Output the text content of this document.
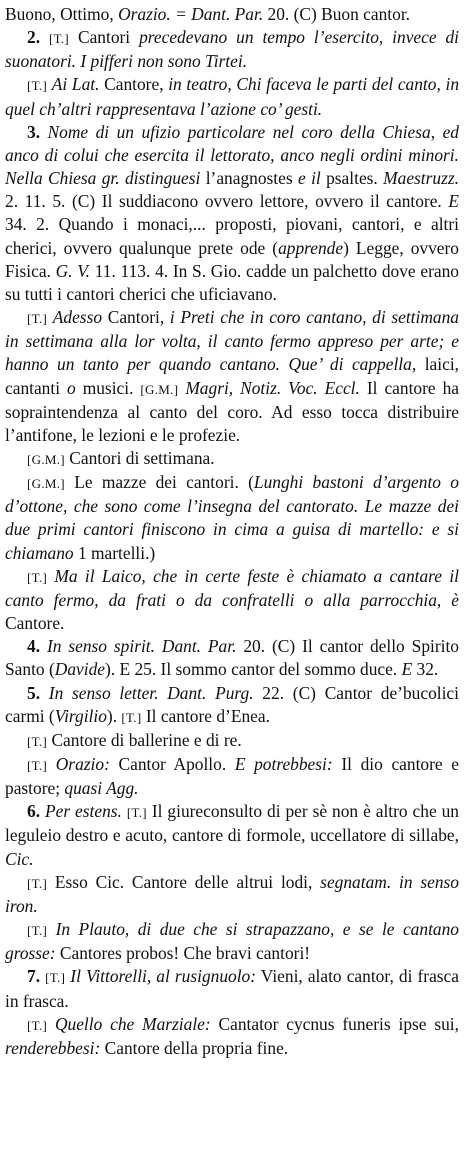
Buono, Ottimo, Orazio. = Dant. Par. 20. (C) Buon cantor.

2. [T.] Cantori precedevano un tempo l’esercito, invece di suonatori. I pifferi non sono Tirtei.

[T.] Ai Lat. Cantore, in teatro, Chi faceva le parti del canto, in quel ch’altri rappresentava l’azione co’ gesti.

3. Nome di un ufizio particolare nel coro della Chiesa, ed anco di colui che esercita il lettorato, anco negli ordini minori. Nella Chiesa gr. distinguesi l’anagnostes e il psaltes. Maestruzz. 2. 11. 5. (C) Il suddiacono ovvero lettore, ovvero il cantore. E 34. 2. Quando i monaci,... proposti, piovani, cantori, e altri cherici, ovvero qualunque prete ode (apprende) Legge, ovvero Fisica. G. V. 11. 113. 4. In S. Gio. cadde un palchetto dove erano su tutti i cantori cherici che uficiavano.

[T.] Adesso Cantori, i Preti che in coro cantano, di settimana in settimana alla lor volta, il canto fermo appreso per arte; e hanno un tanto per quando cantano. Que’ di cappella, laici, cantanti o musici. [G.M.] Magri, Notiz. Voc. Eccl. Il cantore ha sopraintendenza al canto del coro. Ad esso tocca distribuire l’antifone, le lezioni e le profezie.

[G.M.] Cantori di settimana.

[G.M.] Le mazze dei cantori. (Lunghi bastoni d’argento o d’ottone, che sono come l’insegna del cantorato. Le mazze dei due primi cantori finiscono in cima a guisa di martello: e si chiamano 1 martelli.)

[T.] Ma il Laico, che in certe feste è chiamato a cantare il canto fermo, da frati o da confratelli o alla parrocchia, è Cantore.

4. In senso spirit. Dant. Par. 20. (C) Il cantor dello Spirito Santo (Davide). E 25. Il sommo cantor del sommo duce. E 32.

5. In senso letter. Dant. Purg. 22. (C) Cantor de’bucolici carmi (Virgilio). [T.] Il cantore d’Enea.

[T.] Cantore di ballerine e di re.

[T.] Orazio: Cantor Apollo. E potrebbesi: Il dio cantore e pastore; quasi Agg.

6. Per estens. [T.] Il giureconsulto di per sè non è altro che un leguleio destro e acuto, cantore di formole, uccellatore di sillabe, Cic.

[T.] Esso Cic. Cantore delle altrui lodi, segnatam. in senso iron.

[T.] In Plauto, di due che si strapazzano, e se le cantano grosse: Cantores probos! Che bravi cantori!

7. [T.] Il Vittorelli, al rusignuolo: Vieni, alato cantor, di frasca in frasca.

[T.] Quello che Marziale: Cantator cycnus funeris ipse sui, renderebbesi: Cantore della propria fine.
